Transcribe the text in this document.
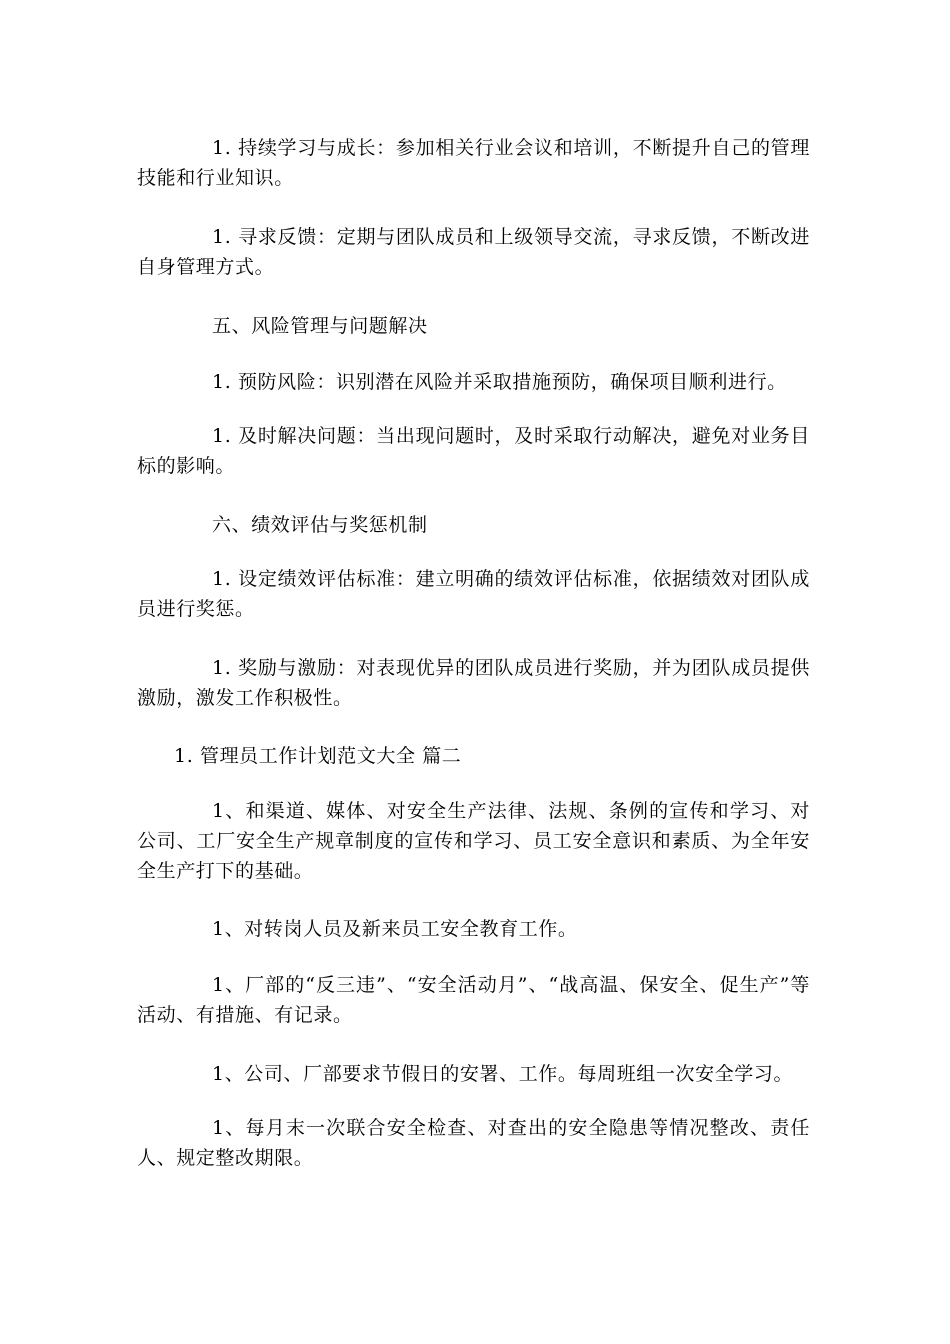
1. 持续学习与成长：参加相关行业会议和培训，不断提升自己的管理技能和行业知识。

1. 寻求反馈：定期与团队成员和上级领导交流，寻求反馈，不断改进自身管理方式。

五、风险管理与问题解决

1. 预防风险：识别潜在风险并采取措施预防，确保项目顺利进行。

1. 及时解决问题：当出现问题时，及时采取行动解决，避免对业务目标的影响。

六、绩效评估与奖惩机制

1. 设定绩效评估标准：建立明确的绩效评估标准，依据绩效对团队成员进行奖惩。

1. 奖励与激励：对表现优异的团队成员进行奖励，并为团队成员提供激励，激发工作积极性。

1. 管理员工作计划范文大全 篇二

1、和渠道、媒体、对安全生产法律、法规、条例的宣传和学习、对公司、工厂安全生产规章制度的宣传和学习、员工安全意识和素质、为全年安全生产打下的基础。

1、对转岗人员及新来员工安全教育工作。

1、厂部的“反三违”、“安全活动月”、“战高温、保安全、促生产”等活动、有措施、有记录。

1、公司、厂部要求节假日的安署、工作。每周班组一次安全学习。

1、每月末一次联合安全检查、对查出的安全隐患等情况整改、责任人、规定整改期限。
